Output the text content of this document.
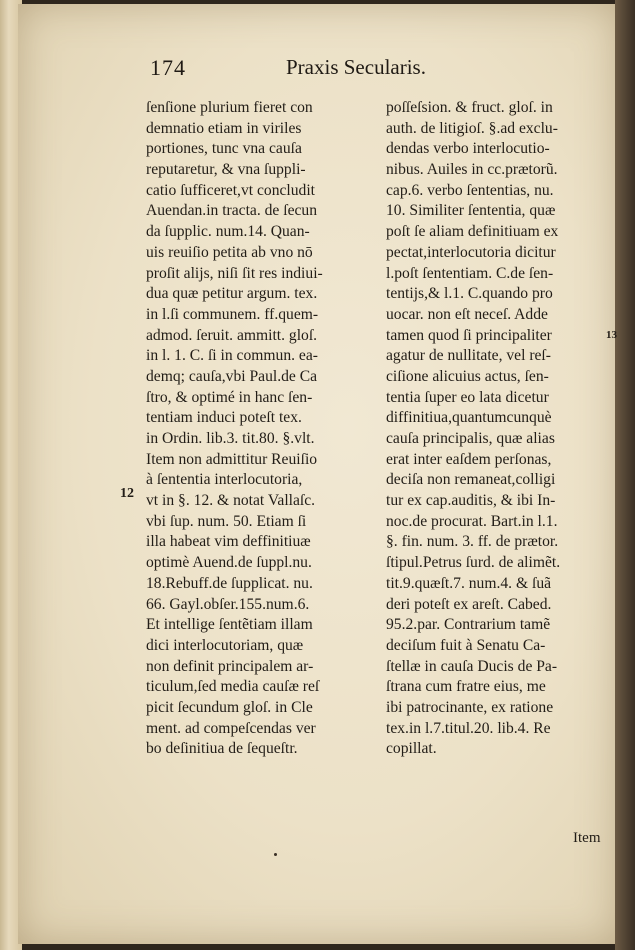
174	Praxis Secularis.
ſenſione plurium fieret con
demnatio etiam in viriles
portiones, tunc vna cauſa
reputaretur, & vna ſuppli-
catio ſufficeret,vt concludit
Auendan.in tracta. de ſecun
da ſupplic. num.14. Quan-
uis reuiſio petita ab vno nō
proſit alijs, niſi ſit res indiui-
dua quæ petitur argum. tex.
in l.ſi communem. ff.quem-
admod. ſeruit. ammitt. gloſ.
in l. 1. C. ſi in commun. ea-
demq; cauſa,vbi Paul.de Ca
ſtro, & optimé in hanc ſen-
tentiam induci poteſt tex.
in Ordin. lib.3. tit.80. §.vlt.
Item non admittitur Reuiſio
à ſententia interlocutoria,
vt in §. 12. & notat Vallaſc.
vbi ſup. num. 50. Etiam ſi
illa habeat vim deffinitiuæ
optimè Auend.de ſuppl.nu.
18.Rebuff.de ſupplicat. nu.
66. Gayl.obſer.155.num.6.
Et intellige ſentẽtiam illam
dici interlocutoriam, quæ
non definit principalem ar-
ticulum,ſed media cauſæ reſ
picit ſecundum gloſ. in Cle
ment. ad compeſcendas ver
bo deſinitiua de ſequeſtr.
poſſeſsion. & fruct. gloſ. in
auth. de litigioſ. §.ad exclu-
dendas verbo interlocutio-
nibus. Auiles in cc.prætorũ.
cap.6. verbo ſententias, nu.
10. Similiter ſententia, quæ
poſt ſe aliam definitiuam ex
pectat,interlocutoria dicitur
l.poſt ſententiam. C.de ſen-
tentijs,& l.1. C.quando pro
uocar. non eſt neceſ. Adde
tamen quod ſi principaliter
agatur de nullitate, vel reſ-
ciſione alicuius actus, ſen-
tentia ſuper eo lata dicetur
diffinitiua,quantumcunquè
cauſa principalis, quæ alias
erat inter eaſdem perſonas,
deciſa non remaneat,colligi
tur ex cap.auditis, & ibi In-
noc.de procurat. Bart.in l.1.
§. fin. num. 3. ff. de prætor.
ſtipul.Petrus ſurd. de alimẽt.
tit.9.quæſt.7. num.4. & ſuã
deri poteſt ex areſt. Cabed.
95.2.par. Contrarium tamẽ
deciſum fuit à Senatu Ca-
ſtellæ in cauſa Ducis de Pa-
ſtrana cum fratre eius, me
ibi patrocinante, ex ratione
tex.in l.7.titul.20. lib.4. Re
copillat.
12
13
Item
